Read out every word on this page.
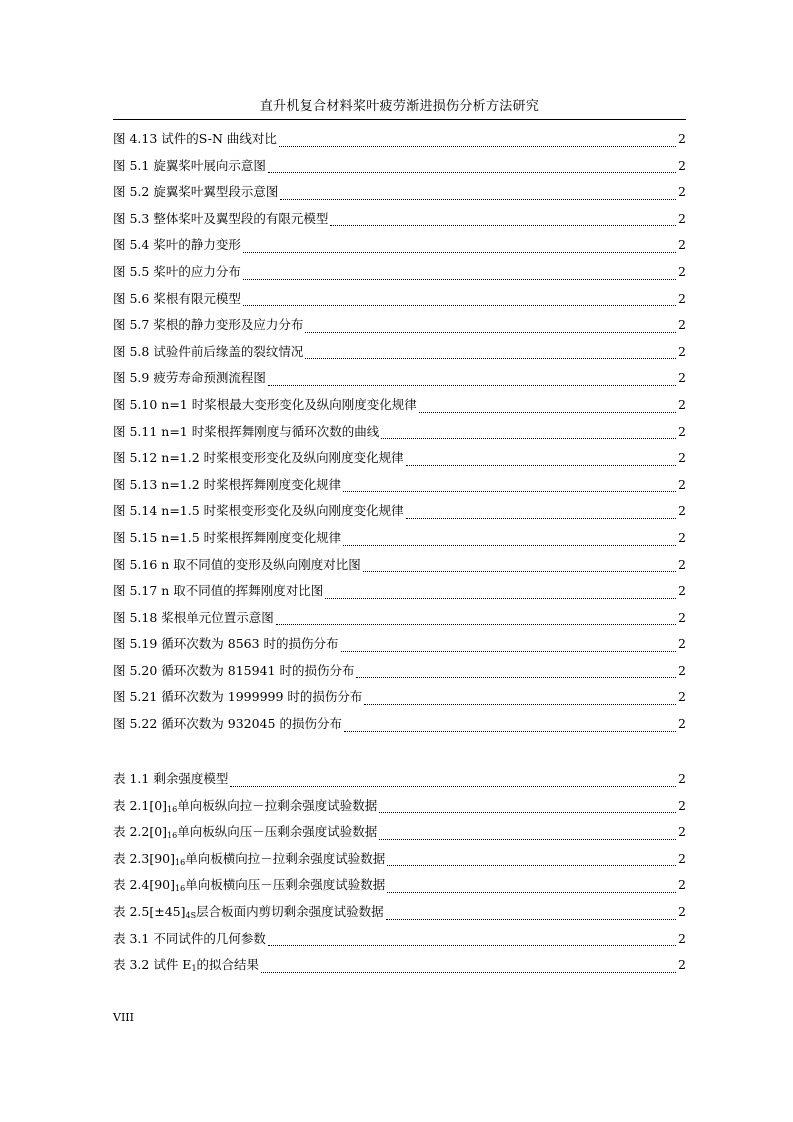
直升机复合材料桨叶疲劳渐进损伤分析方法研究
图 4.13 试件的S-N 曲线对比	2
图 5.1 旋翼桨叶展向示意图	2
图 5.2 旋翼桨叶翼型段示意图	2
图 5.3 整体桨叶及翼型段的有限元模型	2
图 5.4 桨叶的静力变形	2
图 5.5 桨叶的应力分布	2
图 5.6 桨根有限元模型	2
图 5.7 桨根的静力变形及应力分布	2
图 5.8 试验件前后缘盖的裂纹情况	2
图 5.9 疲劳寿命预测流程图	2
图 5.10 n=1 时桨根最大变形变化及纵向刚度变化规律	2
图 5.11 n=1 时桨根挥舞刚度与循环次数的曲线	2
图 5.12 n=1.2 时桨根变形变化及纵向刚度变化规律	2
图 5.13 n=1.2 时桨根挥舞刚度变化规律	2
图 5.14 n=1.5 时桨根变形变化及纵向刚度变化规律	2
图 5.15 n=1.5 时桨根挥舞刚度变化规律	2
图 5.16 n 取不同值的变形及纵向刚度对比图	2
图 5.17 n 取不同值的挥舞刚度对比图	2
图 5.18 桨根单元位置示意图	2
图 5.19 循环次数为 8563 时的损伤分布	2
图 5.20 循环次数为 815941 时的损伤分布	2
图 5.21 循环次数为 1999999 时的损伤分布	2
图 5.22 循环次数为 932045 的损伤分布	2
表 1.1 剩余强度模型	2
表 $2.1[0]_{16}$单向板纵向拉－拉剩余强度试验数据	2
表 $2.2[0]_{16}$单向板纵向压－压剩余强度试验数据	2
表 $2.3[90]_{16}$单向板横向拉－拉剩余强度试验数据	2
表 $2.4[90]_{16}$单向板横向压－压剩余强度试验数据	2
表 $2.5[\pm 45]_{4S}$层合板面内剪切剩余强度试验数据	2
表 3.1 不同试件的几何参数	2
表 3.2 试件 $E_1$的拟合结果	2
VIII
